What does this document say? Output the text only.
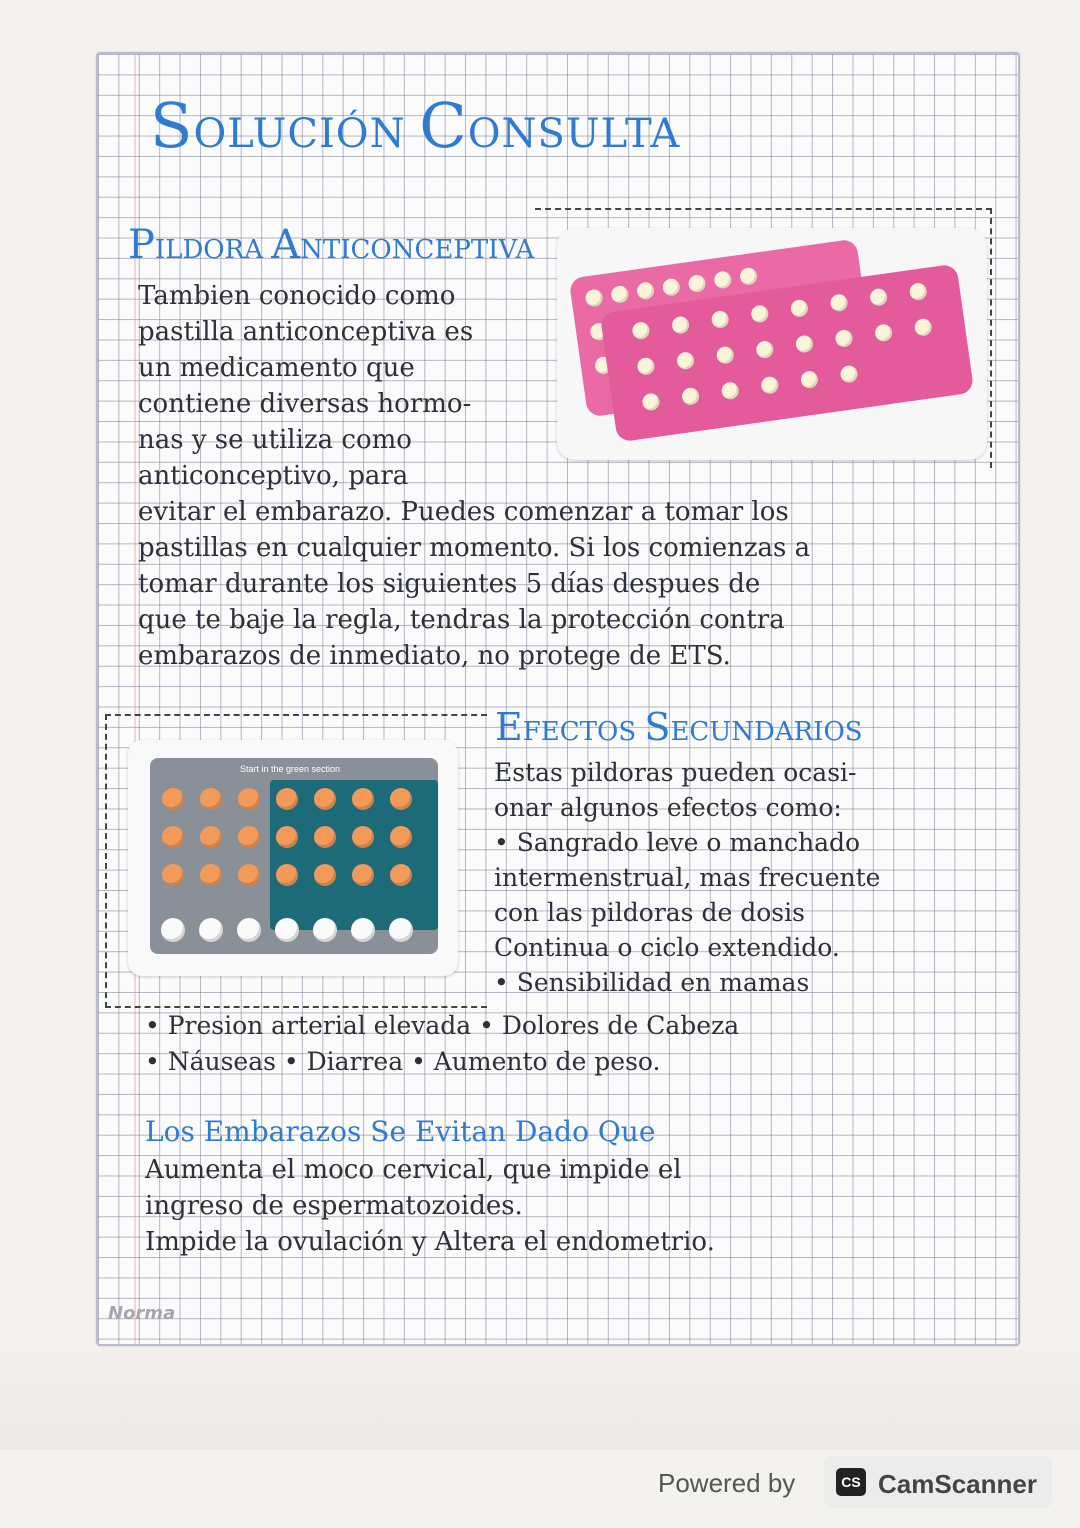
SOLUCIÓN CONSULTA
PILDORA ANTICONCEPTIVA
Tambien conocido como
pastilla anticonceptiva es
un medicamento que
contiene diversas hormo-
nas y se utiliza como
anticonceptivo, para
evitar el embarazo. Puedes comenzar a tomar los
pastillas en cualquier momento. Si los comienzas a
tomar durante los siguientes 5 días despues de
que te baje la regla, tendras la protección contra
embarazos de inmediato, no protege de ETS.
EFECTOS SECUNDARIOS
Estas pildoras pueden ocasi-
onar algunos efectos como:
• Sangrado leve o manchado
intermenstrual, mas frecuente
con las pildoras de dosis
Continua o ciclo extendido.
• Sensibilidad en mamas
Start in the green section
• Presion arterial elevada • Dolores de Cabeza
• Náuseas • Diarrea • Aumento de peso.
Los Embarazos Se Evitan Dado Que
Aumenta el moco cervical, que impide el
ingreso de espermatozoides.
Impide la ovulación y Altera el endometrio.
Norma
Powered by	CS CamScanner
